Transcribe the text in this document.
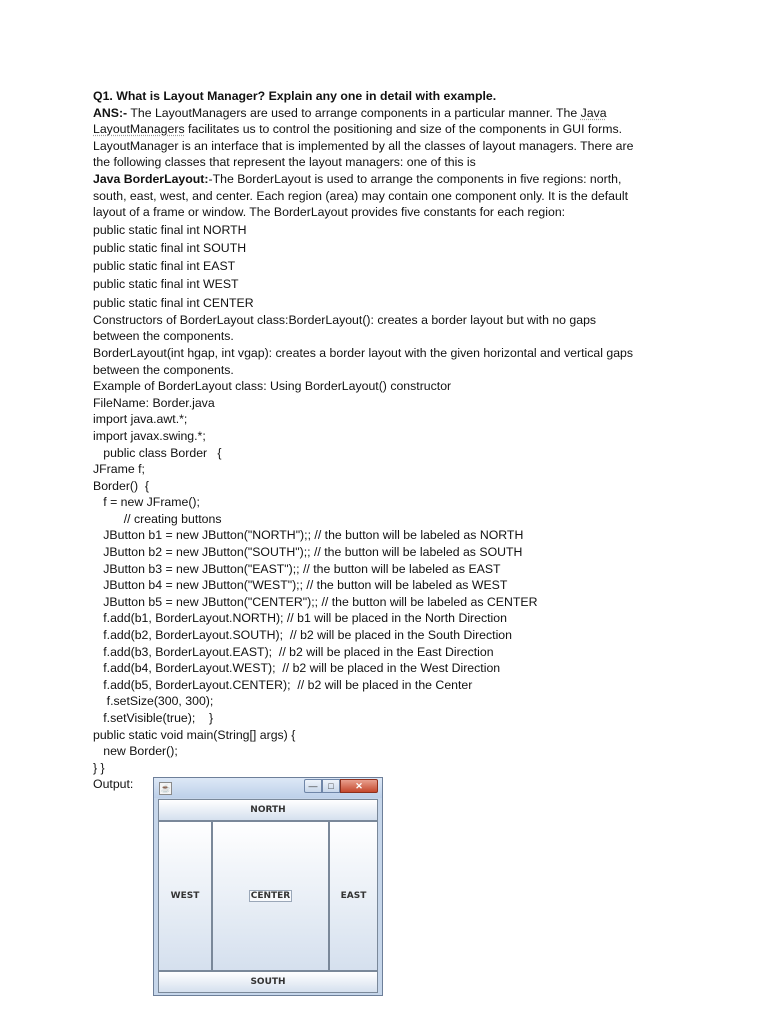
Q1. What is Layout Manager? Explain any one in detail with example.

ANS:- The LayoutManagers are used to arrange components in a particular manner. The Java

LayoutManagers facilitates us to control the positioning and size of the components in GUI forms.

LayoutManager is an interface that is implemented by all the classes of layout managers. There are

the following classes that represent the layout managers: one of this is

Java BorderLayout:-The BorderLayout is used to arrange the components in five regions: north,

south, east, west, and center. Each region (area) may contain one component only. It is the default

layout of a frame or window. The BorderLayout provides five constants for each region:

public static final int NORTH

public static final int SOUTH

public static final int EAST

public static final int WEST

public static final int CENTER

Constructors of BorderLayout class:BorderLayout(): creates a border layout but with no gaps

between the components.

BorderLayout(int hgap, int vgap): creates a border layout with the given horizontal and vertical gaps

between the components.

Example of BorderLayout class: Using BorderLayout() constructor

FileName: Border.java

import java.awt.*;

import javax.swing.*;

public class Border   {

JFrame f;

Border()  {

f = new JFrame();

// creating buttons

JButton b1 = new JButton("NORTH");; // the button will be labeled as NORTH

JButton b2 = new JButton("SOUTH");; // the button will be labeled as SOUTH

JButton b3 = new JButton("EAST");; // the button will be labeled as EAST

JButton b4 = new JButton("WEST");; // the button will be labeled as WEST

JButton b5 = new JButton("CENTER");; // the button will be labeled as CENTER

f.add(b1, BorderLayout.NORTH); // b1 will be placed in the North Direction

f.add(b2, BorderLayout.SOUTH);  // b2 will be placed in the South Direction

f.add(b3, BorderLayout.EAST);  // b2 will be placed in the East Direction

f.add(b4, BorderLayout.WEST);  // b2 will be placed in the West Direction

f.add(b5, BorderLayout.CENTER);  // b2 will be placed in the Center

f.setSize(300, 300);

f.setVisible(true);    }

public static void main(String[] args) {

new Border();

} }

Output:	☕	—	□	✕
NORTH
WEST	CENTER	EAST
SOUTH
